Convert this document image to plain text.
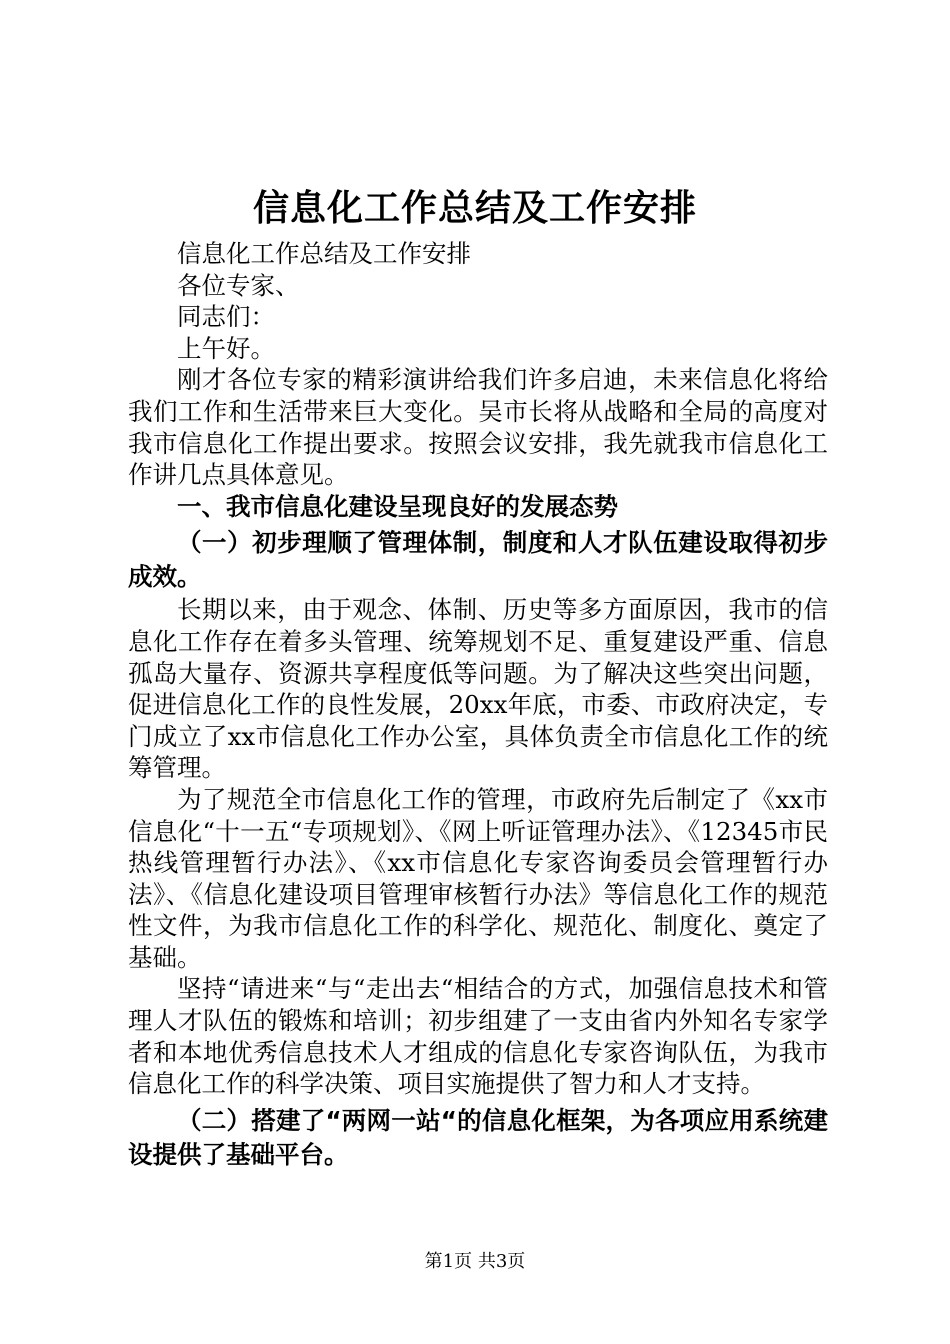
信息化工作总结及工作安排

信息化工作总结及工作安排

各位专家、

同志们：

上午好。

刚才各位专家的精彩演讲给我们许多启迪，未来信息化将给我们工作和生活带来巨大变化。吴市长将从战略和全局的高度对我市信息化工作提出要求。按照会议安排，我先就我市信息化工作讲几点具体意见。

一、我市信息化建设呈现良好的发展态势

（一）初步理顺了管理体制，制度和人才队伍建设取得初步成效。

长期以来，由于观念、体制、历史等多方面原因，我市的信息化工作存在着多头管理、统筹规划不足、重复建设严重、信息孤岛大量存、资源共享程度低等问题。为了解决这些突出问题，促进信息化工作的良性发展，20xx年底，市委、市政府决定，专门成立了xx市信息化工作办公室，具体负责全市信息化工作的统筹管理。

为了规范全市信息化工作的管理，市政府先后制定了《xx市信息化“十一五“专项规划》、《网上听证管理办法》、《12345市民热线管理暂行办法》、《xx市信息化专家咨询委员会管理暂行办法》、《信息化建设项目管理审核暂行办法》等信息化工作的规范性文件，为我市信息化工作的科学化、规范化、制度化、奠定了基础。

坚持“请进来“与“走出去“相结合的方式，加强信息技术和管理人才队伍的锻炼和培训；初步组建了一支由省内外知名专家学者和本地优秀信息技术人才组成的信息化专家咨询队伍，为我市信息化工作的科学决策、项目实施提供了智力和人才支持。

（二）搭建了“两网一站“的信息化框架，为各项应用系统建设提供了基础平台。

第1页 共3页
